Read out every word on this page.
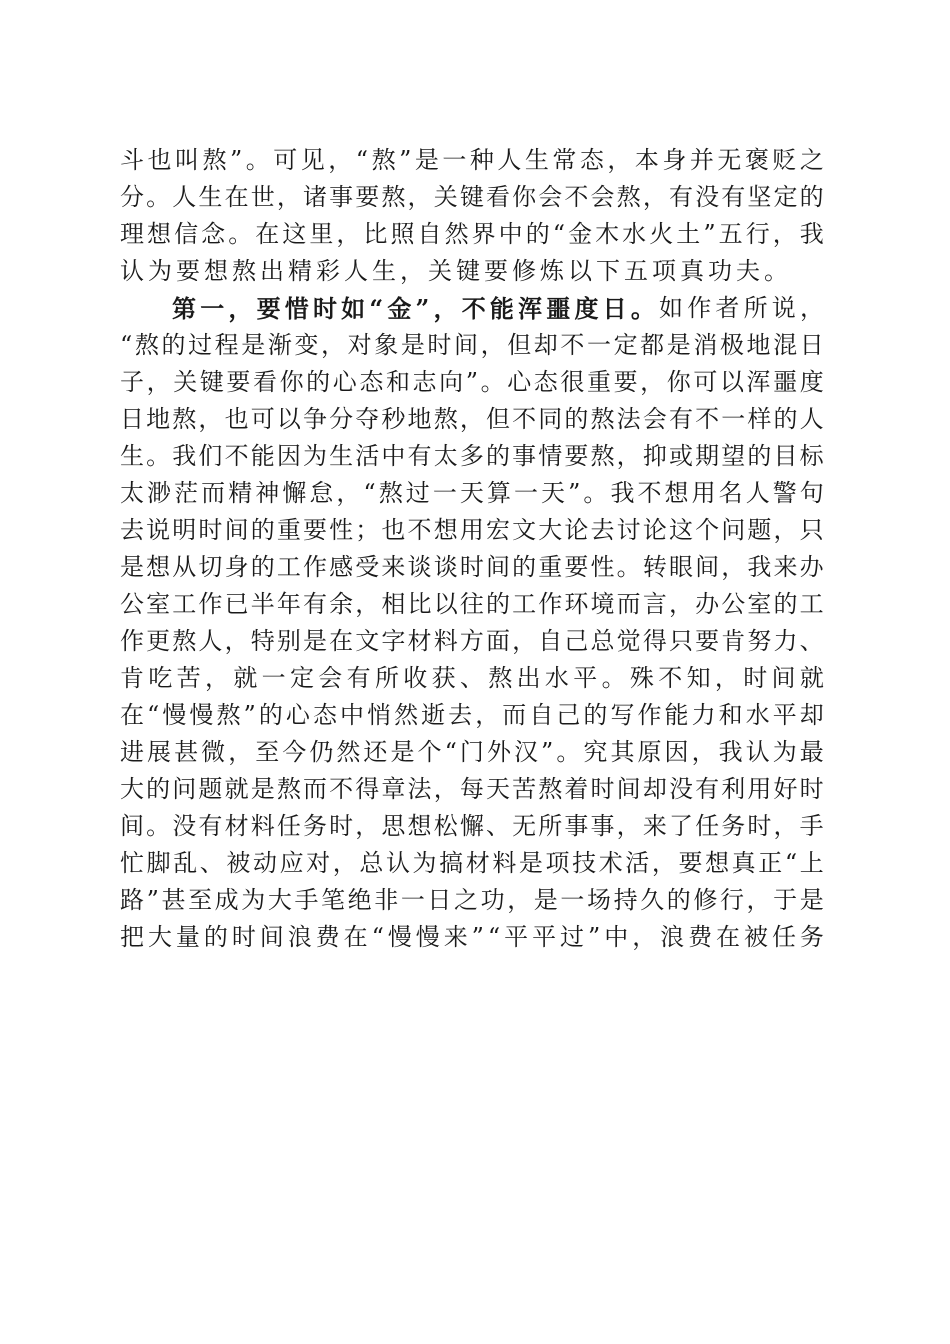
斗 也 叫 熬 ” 。 可 见 ， “ 熬 ” 是 一 种 人 生 常 态 ， 本 身 并 无 褒 贬 之
分 。 人 生 在 世 ， 诸 事 要 熬 ， 关 键 看 你 会 不 会 熬 ， 有 没 有 坚 定 的
理 想 信 念 。 在 这 里 ， 比 照 自 然 界 中 的 “ 金 木 水 火 土 ” 五 行 ， 我
认 为 要 想 熬 出 精 彩 人 生 ， 关 键 要 修 炼 以 下 五 项 真 功 夫 。
第 一 ， 要 惜 时 如 “ 金 ” ， 不 能 浑 噩 度 日 。 如 作 者 所 说 ，
“ 熬 的 过 程 是 渐 变 ， 对 象 是 时 间 ， 但 却 不 一 定 都 是 消 极 地 混 日
子 ， 关 键 要 看 你 的 心 态 和 志 向 ” 。 心 态 很 重 要 ， 你 可 以 浑 噩 度
日 地 熬 ， 也 可 以 争 分 夺 秒 地 熬 ， 但 不 同 的 熬 法 会 有 不 一 样 的 人
生 。 我 们 不 能 因 为 生 活 中 有 太 多 的 事 情 要 熬 ， 抑 或 期 望 的 目 标
太 渺 茫 而 精 神 懈 怠 ， “ 熬 过 一 天 算 一 天 ” 。 我 不 想 用 名 人 警 句
去 说 明 时 间 的 重 要 性 ； 也 不 想 用 宏 文 大 论 去 讨 论 这 个 问 题 ， 只
是 想 从 切 身 的 工 作 感 受 来 谈 谈 时 间 的 重 要 性 。 转 眼 间 ， 我 来 办
公 室 工 作 已 半 年 有 余 ， 相 比 以 往 的 工 作 环 境 而 言 ， 办 公 室 的 工
作 更 熬 人 ， 特 别 是 在 文 字 材 料 方 面 ， 自 己 总 觉 得 只 要 肯 努 力 、
肯 吃 苦 ， 就 一 定 会 有 所 收 获 、 熬 出 水 平 。 殊 不 知 ， 时 间 就
在 “ 慢 慢 熬 ” 的 心 态 中 悄 然 逝 去 ， 而 自 己 的 写 作 能 力 和 水 平 却
进 展 甚 微 ， 至 今 仍 然 还 是 个 “ 门 外 汉 ” 。 究 其 原 因 ， 我 认 为 最
大 的 问 题 就 是 熬 而 不 得 章 法 ， 每 天 苦 熬 着 时 间 却 没 有 利 用 好 时
间 。 没 有 材 料 任 务 时 ， 思 想 松 懈 、 无 所 事 事 ， 来 了 任 务 时 ， 手
忙 脚 乱 、 被 动 应 对 ， 总 认 为 搞 材 料 是 项 技 术 活 ， 要 想 真 正 “ 上
路 ” 甚 至 成 为 大 手 笔 绝 非 一 日 之 功 ， 是 一 场 持 久 的 修 行 ， 于 是
把 大 量 的 时 间 浪 费 在 “ 慢 慢 来 ” “ 平 平 过 ” 中 ， 浪 费 在 被 任 务
